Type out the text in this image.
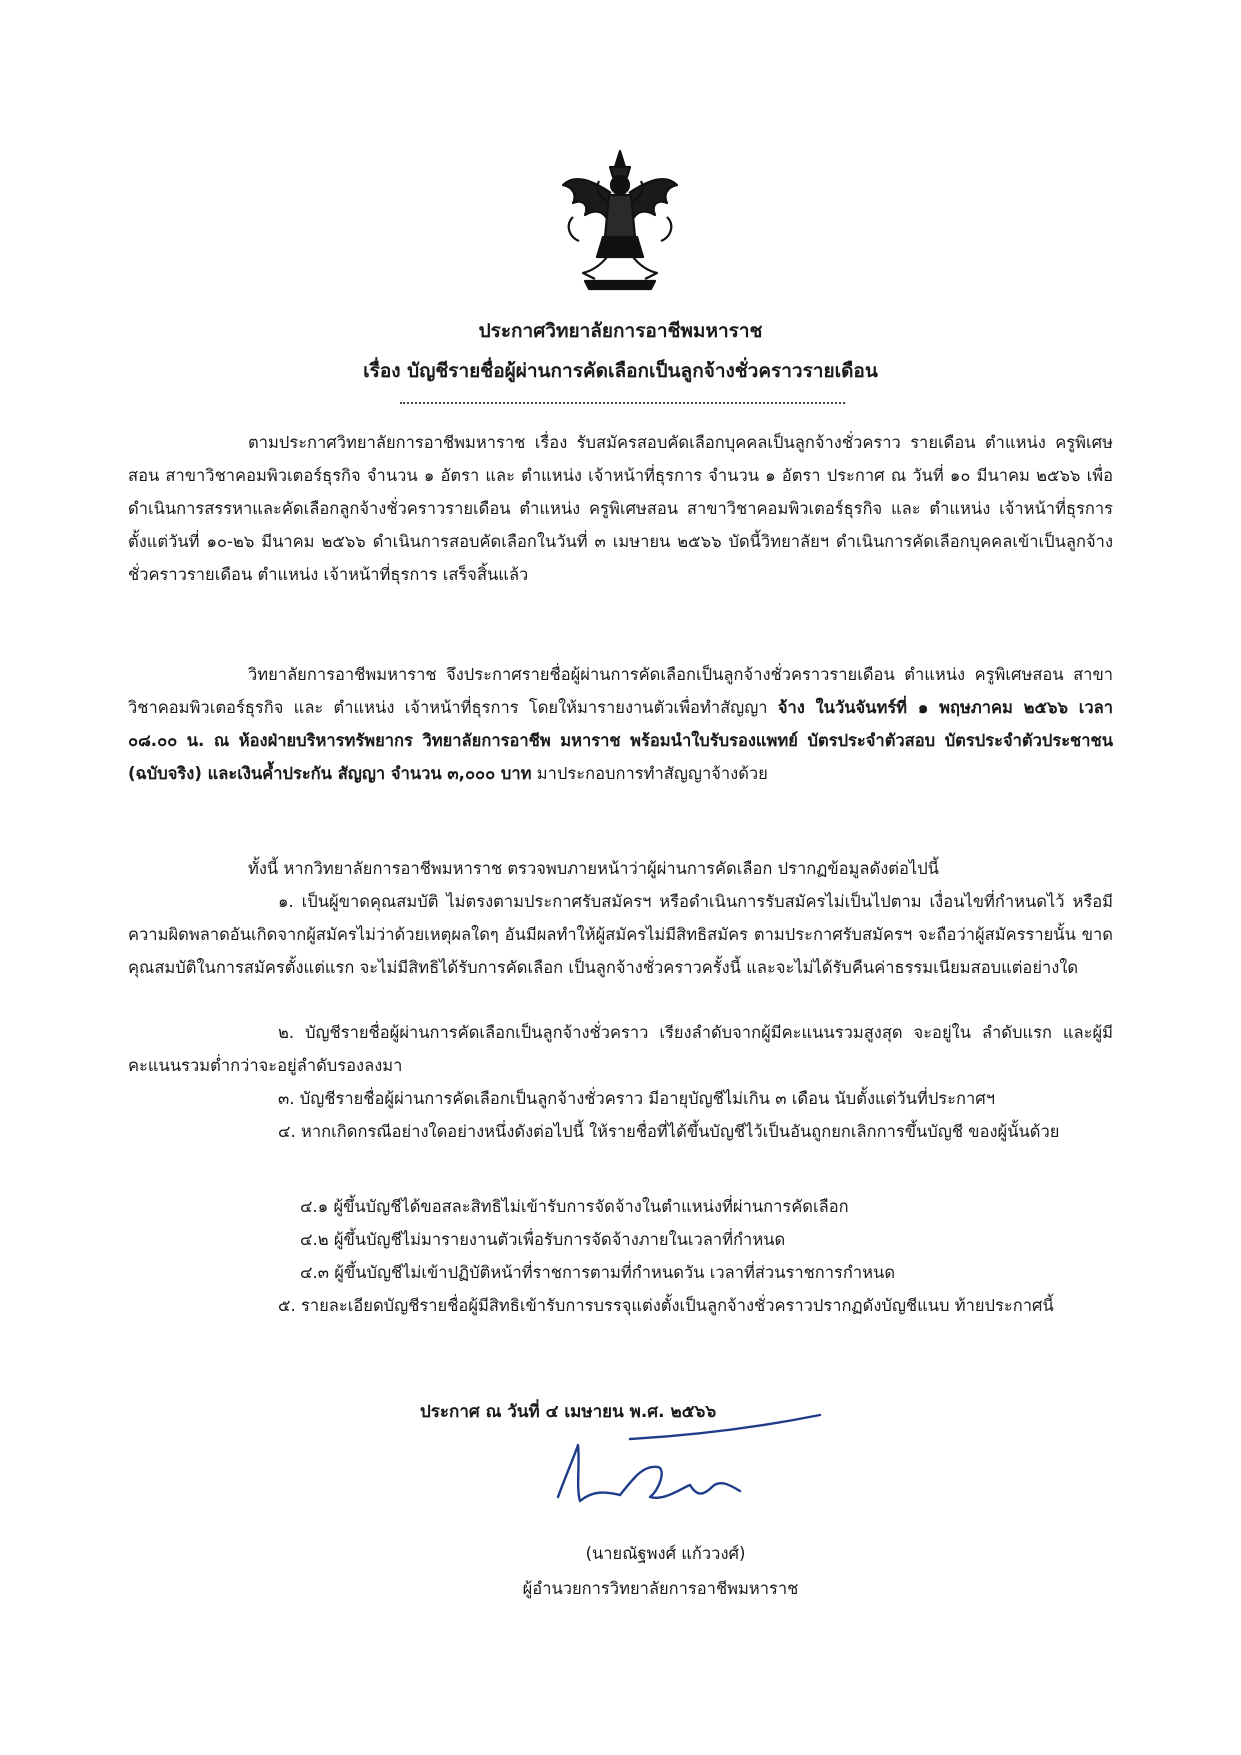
ประกาศวิทยาลัยการอาชีพมหาราช
เรื่อง บัญชีรายชื่อผู้ผ่านการคัดเลือกเป็นลูกจ้างชั่วคราวรายเดือน
ตามประกาศวิทยาลัยการอาชีพมหาราช เรื่อง รับสมัครสอบคัดเลือกบุคคลเป็นลูกจ้างชั่วคราว รายเดือน ตำแหน่ง ครูพิเศษสอน สาขาวิชาคอมพิวเตอร์ธุรกิจ จำนวน ๑ อัตรา และ ตำแหน่ง เจ้าหน้าที่ธุรการ จำนวน ๑ อัตรา ประกาศ ณ วันที่ ๑๐ มีนาคม ๒๕๖๖ เพื่อดำเนินการสรรหาและคัดเลือกลูกจ้างชั่วคราวรายเดือน ตำแหน่ง ครูพิเศษสอน สาขาวิชาคอมพิวเตอร์ธุรกิจ และ ตำแหน่ง เจ้าหน้าที่ธุรการ ตั้งแต่วันที่ ๑๐-๒๖ มีนาคม ๒๕๖๖ ดำเนินการสอบคัดเลือกในวันที่ ๓ เมษายน ๒๕๖๖ บัดนี้วิทยาลัยฯ ดำเนินการคัดเลือกบุคคลเข้าเป็นลูกจ้าง ชั่วคราวรายเดือน ตำแหน่ง เจ้าหน้าที่ธุรการ เสร็จสิ้นแล้ว
วิทยาลัยการอาชีพมหาราช จึงประกาศรายชื่อผู้ผ่านการคัดเลือกเป็นลูกจ้างชั่วคราวรายเดือน ตำแหน่ง ครูพิเศษสอน สาขาวิชาคอมพิวเตอร์ธุรกิจ และ ตำแหน่ง เจ้าหน้าที่ธุรการ โดยให้มารายงานตัวเพื่อทำสัญญา จ้าง ในวันจันทร์ที่ ๑ พฤษภาคม ๒๕๖๖ เวลา ๐๘.๐๐ น. ณ ห้องฝ่ายบริหารทรัพยากร วิทยาลัยการอาชีพ มหาราช พร้อมนำใบรับรองแพทย์ บัตรประจำตัวสอบ บัตรประจำตัวประชาชน (ฉบับจริง) และเงินค้ำประกัน สัญญา จำนวน ๓,๐๐๐ บาท มาประกอบการทำสัญญาจ้างด้วย
ทั้งนี้ หากวิทยาลัยการอาชีพมหาราช ตรวจพบภายหน้าว่าผู้ผ่านการคัดเลือก ปรากฏข้อมูลดังต่อไปนี้
๑. เป็นผู้ขาดคุณสมบัติ ไม่ตรงตามประกาศรับสมัครฯ หรือดำเนินการรับสมัครไม่เป็นไปตาม เงื่อนไขที่กำหนดไว้ หรือมีความผิดพลาดอันเกิดจากผู้สมัครไม่ว่าด้วยเหตุผลใดๆ อันมีผลทำให้ผู้สมัครไม่มีสิทธิสมัคร ตามประกาศรับสมัครฯ จะถือว่าผู้สมัครรายนั้น ขาดคุณสมบัติในการสมัครตั้งแต่แรก จะไม่มีสิทธิได้รับการคัดเลือก เป็นลูกจ้างชั่วคราวครั้งนี้ และจะไม่ได้รับคืนค่าธรรมเนียมสอบแต่อย่างใด
๒. บัญชีรายชื่อผู้ผ่านการคัดเลือกเป็นลูกจ้างชั่วคราว เรียงลำดับจากผู้มีคะแนนรวมสูงสุด จะอยู่ใน ลำดับแรก และผู้มีคะแนนรวมต่ำกว่าจะอยู่ลำดับรองลงมา
๓. บัญชีรายชื่อผู้ผ่านการคัดเลือกเป็นลูกจ้างชั่วคราว มีอายุบัญชีไม่เกิน ๓ เดือน นับตั้งแต่วันที่ประกาศฯ
๔. หากเกิดกรณีอย่างใดอย่างหนึ่งดังต่อไปนี้ ให้รายชื่อที่ได้ขึ้นบัญชีไว้เป็นอันถูกยกเลิกการขึ้นบัญชี ของผู้นั้นด้วย
๔.๑ ผู้ขึ้นบัญชีได้ขอสละสิทธิไม่เข้ารับการจัดจ้างในตำแหน่งที่ผ่านการคัดเลือก
๔.๒ ผู้ขึ้นบัญชีไม่มารายงานตัวเพื่อรับการจัดจ้างภายในเวลาที่กำหนด
๔.๓ ผู้ขึ้นบัญชีไม่เข้าปฏิบัติหน้าที่ราชการตามที่กำหนดวัน เวลาที่ส่วนราชการกำหนด
๕. รายละเอียดบัญชีรายชื่อผู้มีสิทธิเข้ารับการบรรจุแต่งตั้งเป็นลูกจ้างชั่วคราวปรากฏดังบัญชีแนบ ท้ายประกาศนี้
ประกาศ ณ วันที่ ๔ เมษายน พ.ศ. ๒๕๖๖
(นายณัฐพงศ์ แก้ววงศ์)
ผู้อำนวยการวิทยาลัยการอาชีพมหาราช
